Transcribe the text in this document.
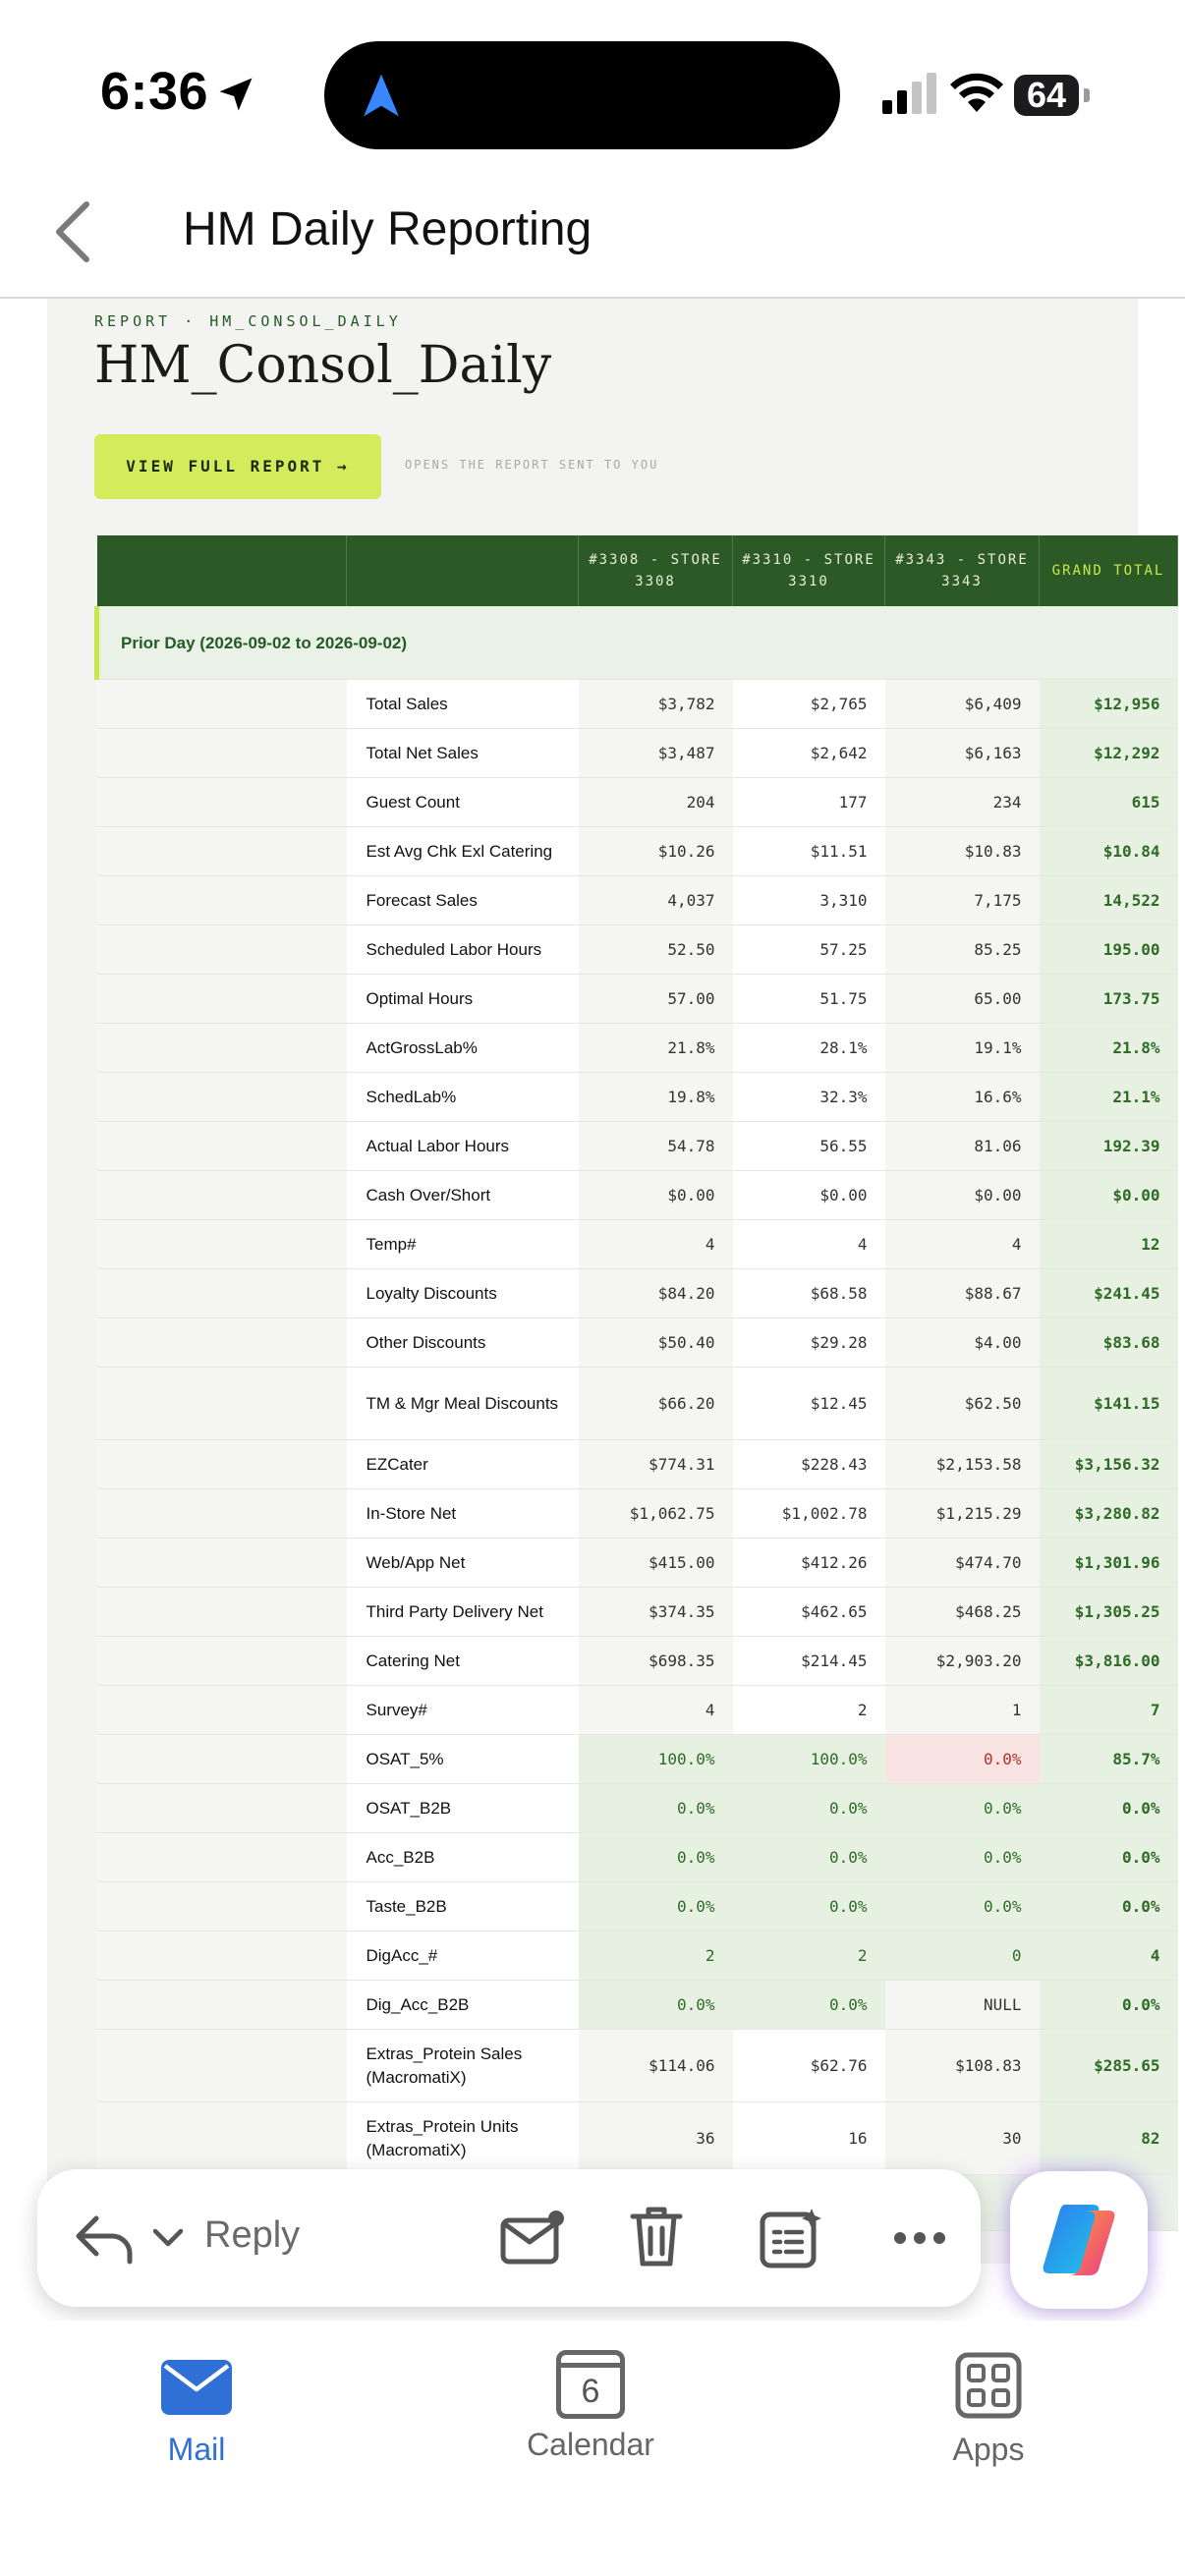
6:36	64
HM Daily Reporting
REPORT · HM_CONSOL_DAILY
HM_Consol_Daily
VIEW FULL REPORT →	OPENS THE REPORT SENT TO YOU
		#3308 - STORE 3308	#3310 - STORE 3310	#3343 - STORE 3343	GRAND TOTAL
Prior Day (2026-09-02 to 2026-09-02)					
	Total Sales	$3,782	$2,765	$6,409	$12,956
	Total Net Sales	$3,487	$2,642	$6,163	$12,292
	Guest Count	204	177	234	615
	Est Avg Chk Exl Catering	$10.26	$11.51	$10.83	$10.84
	Forecast Sales	4,037	3,310	7,175	14,522
	Scheduled Labor Hours	52.50	57.25	85.25	195.00
	Optimal Hours	57.00	51.75	65.00	173.75
	ActGrossLab%	21.8%	28.1%	19.1%	21.8%
	SchedLab%	19.8%	32.3%	16.6%	21.1%
	Actual Labor Hours	54.78	56.55	81.06	192.39
	Cash Over/Short	$0.00	$0.00	$0.00	$0.00
	Temp#	4	4	4	12
	Loyalty Discounts	$84.20	$68.58	$88.67	$241.45
	Other Discounts	$50.40	$29.28	$4.00	$83.68
	TM & Mgr Meal Discounts	$66.20	$12.45	$62.50	$141.15
	EZCater	$774.31	$228.43	$2,153.58	$3,156.32
	In-Store Net	$1,062.75	$1,002.78	$1,215.29	$3,280.82
	Web/App Net	$415.00	$412.26	$474.70	$1,301.96
	Third Party Delivery Net	$374.35	$462.65	$468.25	$1,305.25
	Catering Net	$698.35	$214.45	$2,903.20	$3,816.00
	Survey#	4	2	1	7
	OSAT_5%	100.0%	100.0%	0.0%	85.7%
	OSAT_B2B	0.0%	0.0%	0.0%	0.0%
	Acc_B2B	0.0%	0.0%	0.0%	0.0%
	Taste_B2B	0.0%	0.0%	0.0%	0.0%
	DigAcc_#	2	2	0	4
	Dig_Acc_B2B	0.0%	0.0%	NULL	0.0%
	Extras_Protein Sales (MacromatiX)	$114.06	$62.76	$108.83	$285.65
	Extras_Protein Units (MacromatiX)	36	16	30	82

Reply
Mail
6
Calendar	Apps
